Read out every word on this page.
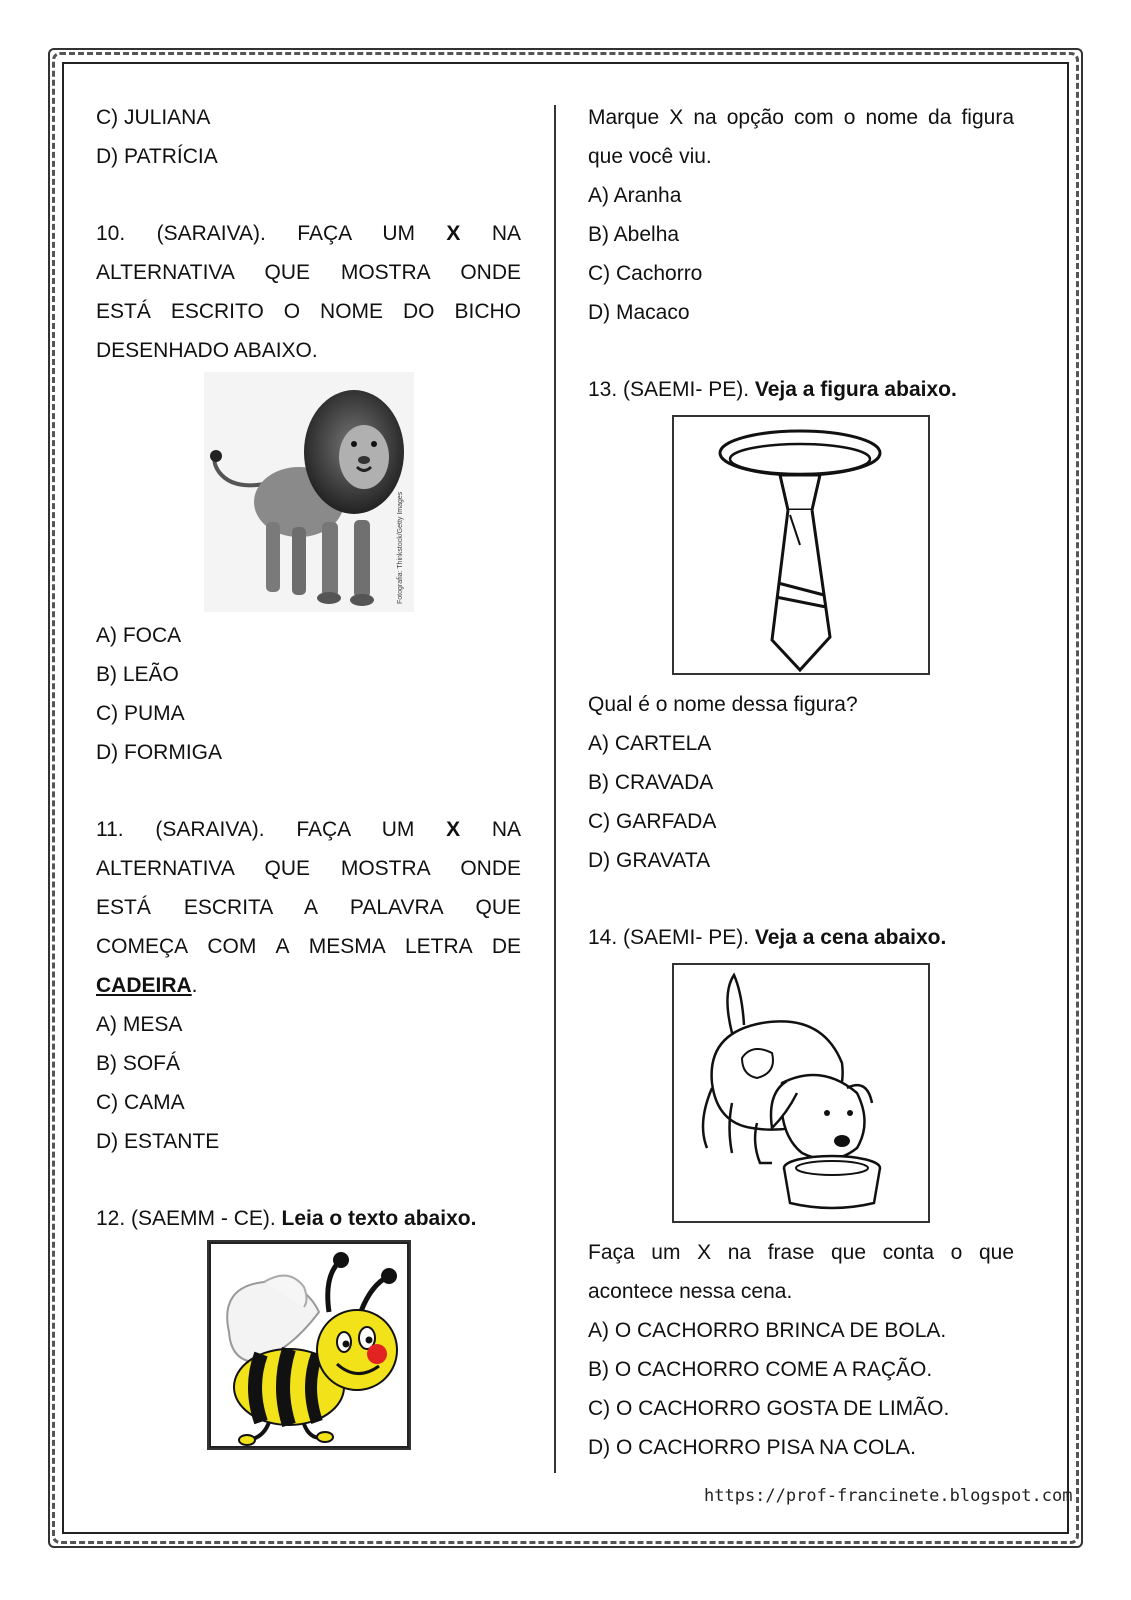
C) JULIANA
D) PATRÍCIA
10. (SARAIVA). FAÇA UM X NA
ALTERNATIVA QUE MOSTRA ONDE
ESTÁ ESCRITO O NOME DO BICHO
DESENHADO ABAIXO.
Fotografia: Thinkstock/Getty Images
A) FOCA
B) LEÃO
C) PUMA
D) FORMIGA
11. (SARAIVA). FAÇA UM X NA
ALTERNATIVA QUE MOSTRA ONDE
ESTÁ ESCRITA A PALAVRA QUE
COMEÇA COM A MESMA LETRA DE
CADEIRA.
A) MESA
B) SOFÁ
C) CAMA
D) ESTANTE
12. (SAEMM - CE). Leia o texto abaixo.
Marque X na opção com o nome da figura
que você viu.
A) Aranha
B) Abelha
C) Cachorro
D) Macaco
13. (SAEMI- PE). Veja a figura abaixo.
Qual é o nome dessa figura?
A) CARTELA
B) CRAVADA
C) GARFADA
D) GRAVATA
14. (SAEMI- PE). Veja a cena abaixo.
Faça um X na frase que conta o que
acontece nessa cena.
A) O CACHORRO BRINCA DE BOLA.
B) O CACHORRO COME A RAÇÃO.
C) O CACHORRO GOSTA DE LIMÃO.
D) O CACHORRO PISA NA COLA.
https://prof-francinete.blogspot.com
